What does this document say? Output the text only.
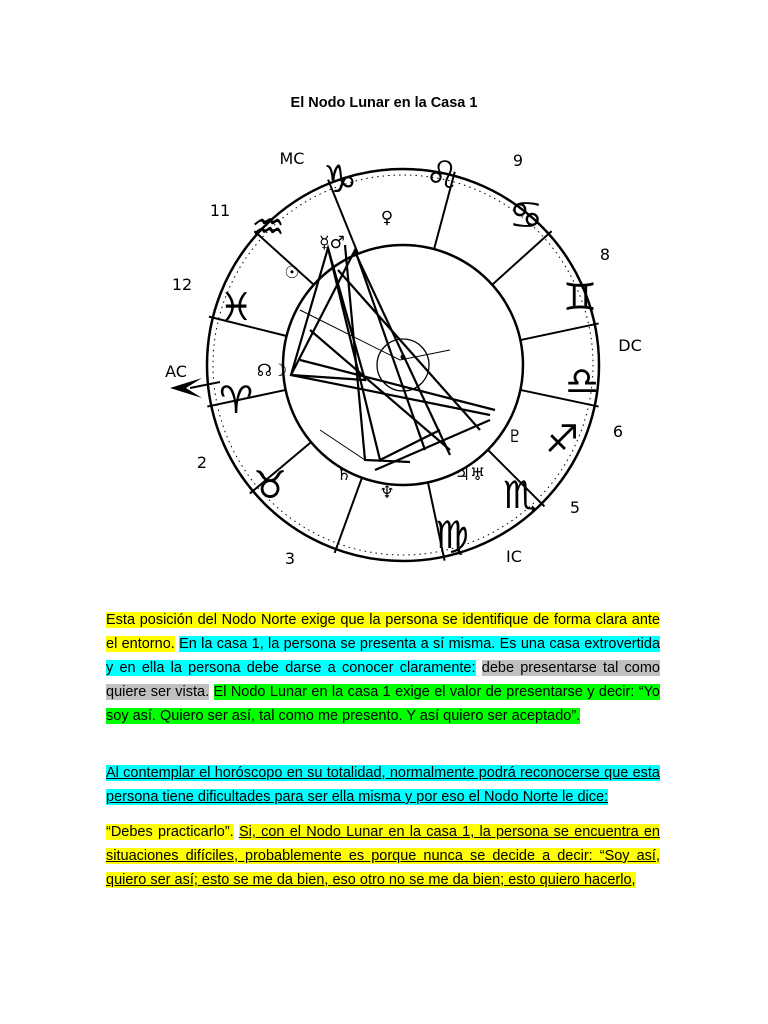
El Nodo Lunar en la Casa 1
♑ ♌
♋
♊
♒
♓
♈
♉
♍
♏
♐
♎
MC
AC
DC
IC
2
3
5
6
8
9
11
12
♀
☿♂
☉
☊☽
♄
♆
♃♅
♇
Esta posición del Nodo Norte exige que la persona se identifique de forma clara ante el entorno. En la casa 1, la persona se presenta a sí misma. Es una casa extrovertida y en ella la persona debe darse a conocer claramente: debe presentarse tal como quiere ser vista. El Nodo Lunar en la casa 1 exige el valor de presentarse y decir: “Yo soy así. Quiero ser así, tal como me presento. Y así quiero ser aceptado”.
Al contemplar el horóscopo en su totalidad, normalmente podrá reconocerse que esta persona tiene dificultades para ser ella misma y por eso el Nodo Norte le dice:
“Debes practicarlo”. Si, con el Nodo Lunar en la casa 1, la persona se encuentra en situaciones difíciles, probablemente es porque nunca se decide a decir: “Soy así, quiero ser así; esto se me da bien, eso otro no se me da bien; esto quiero hacerlo,
